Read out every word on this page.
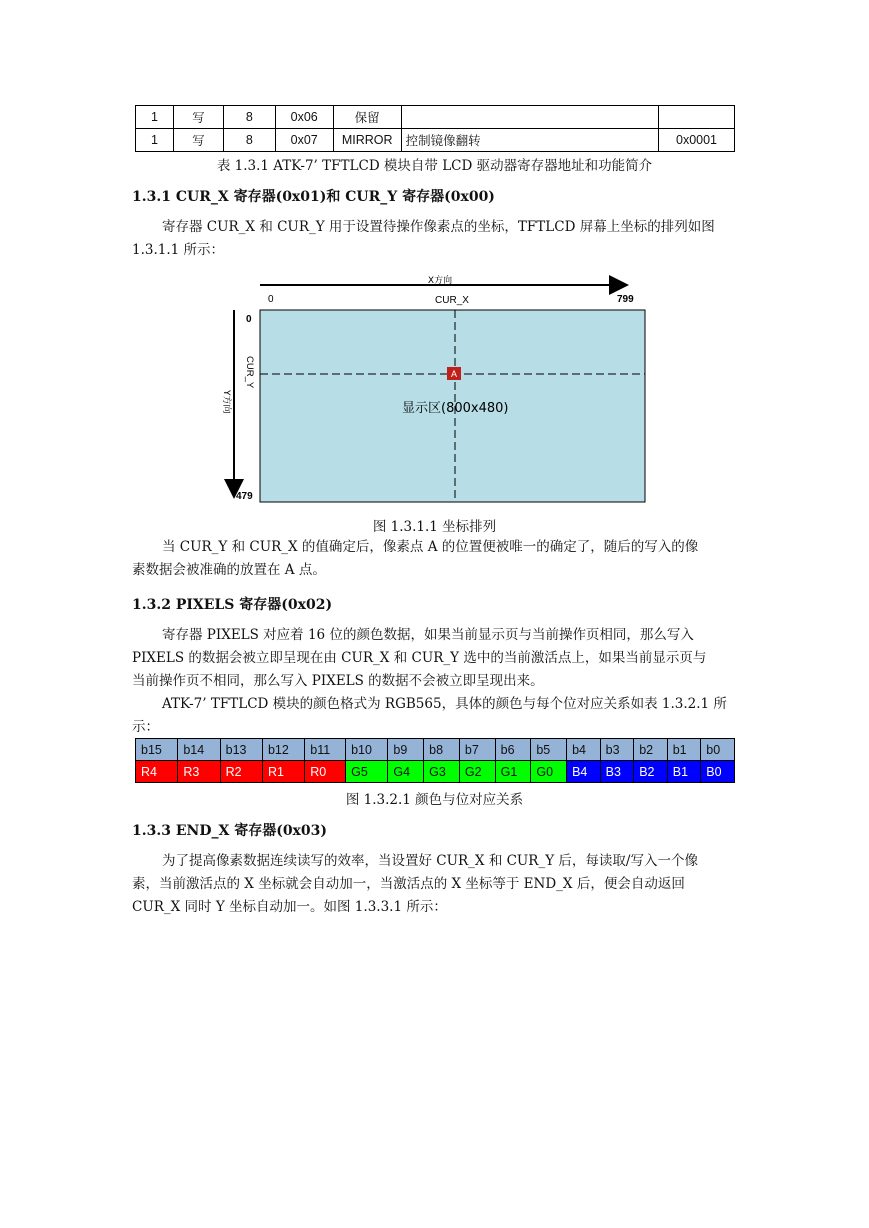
1	写	8	0x06	保留		
1	写	8	0x07	MIRROR	控制镜像翻转	0x0001
表 1.3.1 ATK-7’ TFTLCD 模块自带 LCD 驱动器寄存器地址和功能简介
1.3.1 CUR_X 寄存器(0x01)和 CUR_Y 寄存器(0x00)
寄存器 CUR_X 和 CUR_Y 用于设置待操作像素点的坐标，TFTLCD 屏幕上坐标的排列如图
1.3.1.1 所示：
X方向
0	CUR_X	799
0
CUR_Y
Y方向
479
A
显示区(800x480)
图 1.3.1.1 坐标排列
当 CUR_Y 和 CUR_X 的值确定后，像素点 A 的位置便被唯一的确定了，随后的写入的像
素数据会被准确的放置在 A 点。
1.3.2 PIXELS 寄存器(0x02)
寄存器 PIXELS 对应着 16 位的颜色数据，如果当前显示页与当前操作页相同，那么写入
PIXELS 的数据会被立即呈现在由 CUR_X 和 CUR_Y 选中的当前激活点上，如果当前显示页与
当前操作页不相同，那么写入 PIXELS 的数据不会被立即呈现出来。
ATK-7’ TFTLCD 模块的颜色格式为 RGB565，具体的颜色与每个位对应关系如表 1.3.2.1 所
示：
b15	b14	b13	b12	b11	b10	b9	b8	b7	b6	b5	b4	b3	b2	b1	b0
R4	R3	R2	R1	R0	G5	G4	G3	G2	G1	G0	B4	B3	B2	B1	B0
图 1.3.2.1 颜色与位对应关系
1.3.3 END_X 寄存器(0x03)
为了提高像素数据连续读写的效率，当设置好 CUR_X 和 CUR_Y 后，每读取/写入一个像
素，当前激活点的 X 坐标就会自动加一，当激活点的 X 坐标等于 END_X 后，便会自动返回
CUR_X 同时 Y 坐标自动加一。如图 1.3.3.1 所示：
